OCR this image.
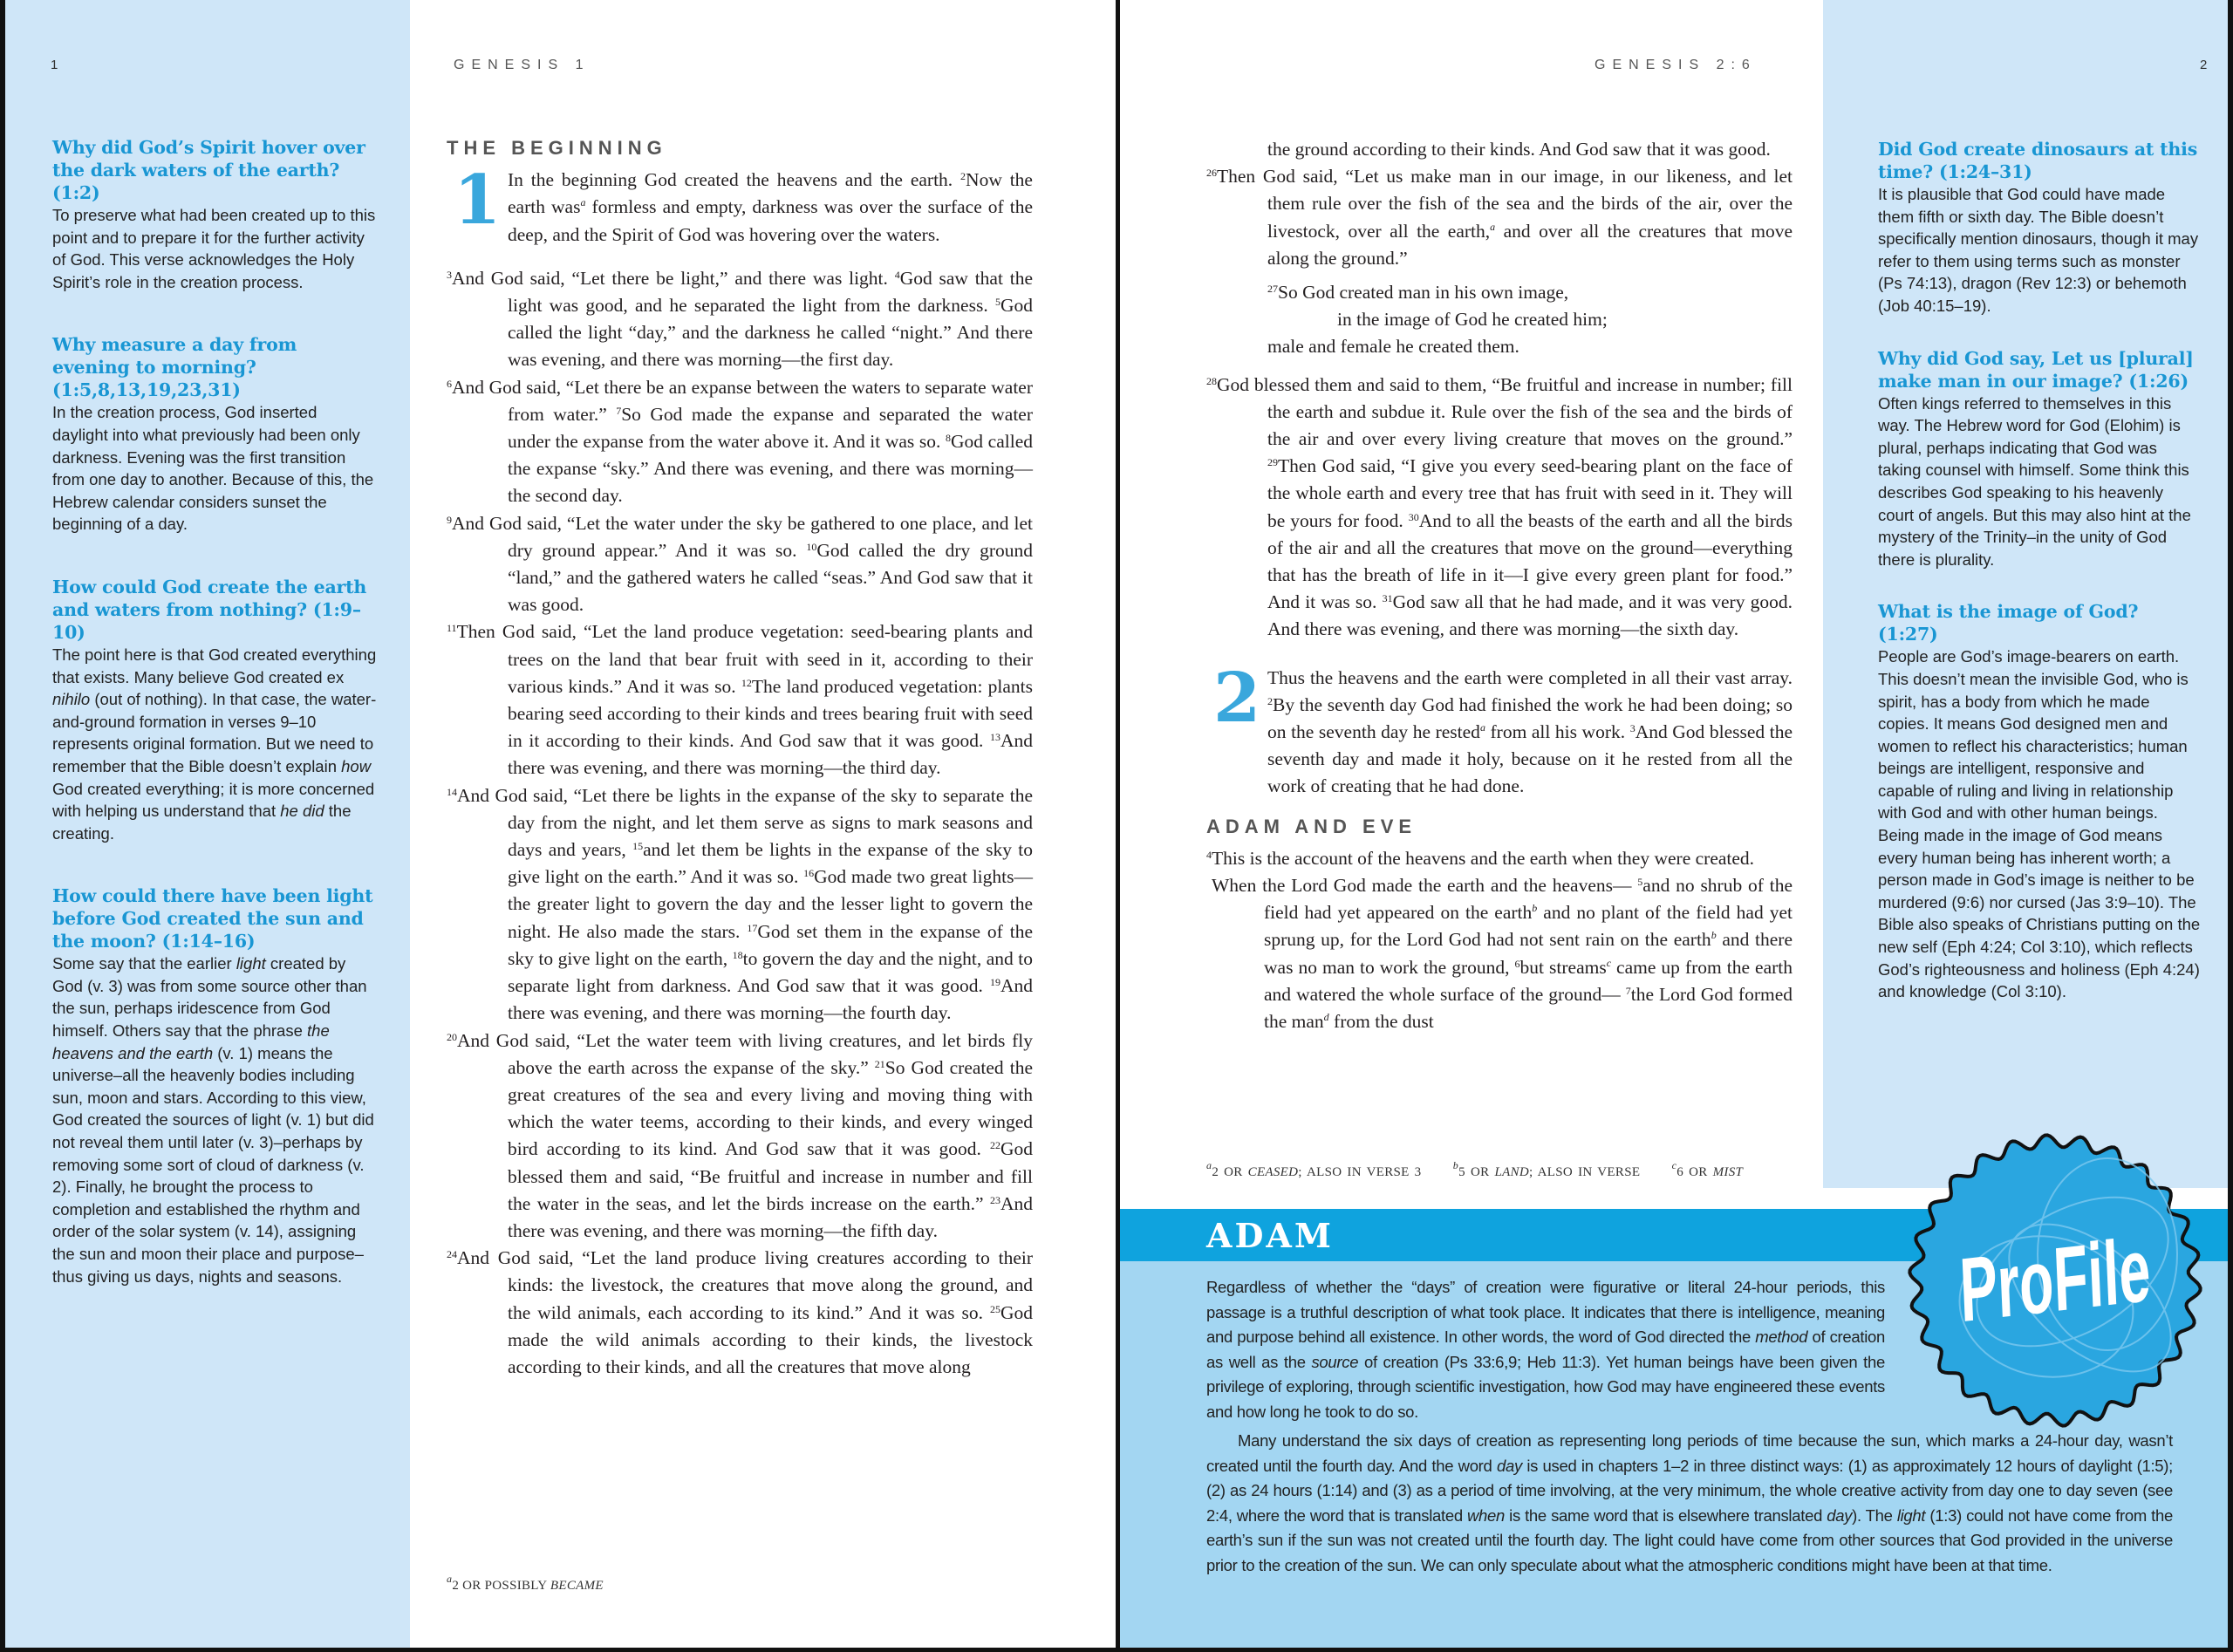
1	GENESIS 1
Why did God’s Spirit hover over the dark waters of the earth? (1:2)
To preserve what had been created up to this point and to prepare it for the further activity of God. This verse acknowledges the Holy Spirit’s role in the creation process.
Why measure a day from evening to morning? (1:5,8,13,19,23,31)
In the creation process, God inserted daylight into what previously had been only darkness. Evening was the first transition from one day to another. Because of this, the Hebrew calendar considers sunset the beginning of a day.
How could God create the earth and waters from nothing? (1:9–10)
The point here is that God created everything that exists. Many believe God created ex nihilo (out of nothing). In that case, the water-and-ground formation in verses 9–10 represents original formation. But we need to remember that the Bible doesn’t explain how God created everything; it is more concerned with helping us understand that he did the creating.
How could there have been light before God created the sun and the moon? (1:14–16)
Some say that the earlier light created by God (v. 3) was from some source other than the sun, perhaps iridescence from God himself. Others say that the phrase the heavens and the earth (v. 1) means the universe–all the heavenly bodies including sun, moon and stars. According to this view, God created the sources of light (v. 1) but did not reveal them until later (v. 3)–perhaps by removing some sort of cloud of darkness (v. 2). Finally, he brought the process to completion and established the rhythm and order of the solar system (v. 14), assigning the sun and moon their place and purpose–thus giving us days, nights and seasons.
THE BEGINNING

1 In the beginning God created the heavens and the earth. $^2$Now the earth was$^a$ formless and empty, darkness was over the surface of the deep, and the Spirit of God was hovering over the waters.

$^3$And God said, “Let there be light,” and there was light. $^4$God saw that the light was good, and he separated the light from the darkness. $^5$God called the light “day,” and the darkness he called “night.” And there was evening, and there was morning—the first day.

$^6$And God said, “Let there be an expanse between the waters to separate water from water.” $^7$So God made the expanse and separated the water under the expanse from the water above it. And it was so. $^8$God called the expanse “sky.” And there was evening, and there was morning—the second day.

$^9$And God said, “Let the water under the sky be gathered to one place, and let dry ground appear.” And it was so. $^{10}$God called the dry ground “land,” and the gathered waters he called “seas.” And God saw that it was good.

$^{11}$Then God said, “Let the land produce vegetation: seed-bearing plants and trees on the land that bear fruit with seed in it, according to their various kinds.” And it was so. $^{12}$The land produced vegetation: plants bearing seed according to their kinds and trees bearing fruit with seed in it according to their kinds. And God saw that it was good. $^{13}$And there was evening, and there was morning—the third day.

$^{14}$And God said, “Let there be lights in the expanse of the sky to separate the day from the night, and let them serve as signs to mark seasons and days and years, $^{15}$and let them be lights in the expanse of the sky to give light on the earth.” And it was so. $^{16}$God made two great lights—the greater light to govern the day and the lesser light to govern the night. He also made the stars. $^{17}$God set them in the expanse of the sky to give light on the earth, $^{18}$to govern the day and the night, and to separate light from darkness. And God saw that it was good. $^{19}$And there was evening, and there was morning—the fourth day.

$^{20}$And God said, “Let the water teem with living creatures, and let birds fly above the earth across the expanse of the sky.” $^{21}$So God created the great creatures of the sea and every living and moving thing with which the water teems, according to their kinds, and every winged bird according to its kind. And God saw that it was good. $^{22}$God blessed them and said, “Be fruitful and increase in number and fill the water in the seas, and let the birds increase on the earth.” $^{23}$And there was evening, and there was morning—the fifth day.

$^{24}$And God said, “Let the land produce living creatures according to their kinds: the livestock, the creatures that move along the ground, and the wild animals, each according to its kind.” And it was so. $^{25}$God made the wild animals according to their kinds, the livestock according to their kinds, and all the creatures that move along

$^a$2 OR POSSIBLY BECAME
2
GENESIS 2:6

the ground according to their kinds. And God saw that it was good.

$^{26}$Then God said, “Let us make man in our image, in our likeness, and let them rule over the fish of the sea and the birds of the air, over the livestock, over all the earth,$^a$ and over all the creatures that move along the ground.”

$^{27}$So God created man in his own image,
in the image of God he created him;
male and female he created them.

$^{28}$God blessed them and said to them, “Be fruitful and increase in number; fill the earth and subdue it. Rule over the fish of the sea and the birds of the air and over every living creature that moves on the ground.” $^{29}$Then God said, “I give you every seed-bearing plant on the face of the whole earth and every tree that has fruit with seed in it. They will be yours for food. $^{30}$And to all the beasts of the earth and all the birds of the air and all the creatures that move on the ground—everything that has the breath of life in it—I give every green plant for food.” And it was so. $^{31}$God saw all that he had made, and it was very good. And there was evening, and there was morning—the sixth day.

2 Thus the heavens and the earth were completed in all their vast array. $^2$By the seventh day God had finished the work he had been doing; so on the seventh day he rested$^a$ from all his work. $^3$And God blessed the seventh day and made it holy, because on it he rested from all the work of creating that he had done.

ADAM AND EVE

$^4$This is the account of the heavens and the earth when they were created.

When the Lord God made the earth and the heavens— $^5$and no shrub of the field had yet appeared on the earth$^b$ and no plant of the field had yet sprung up, for the Lord God had not sent rain on the earth$^b$ and there was no man to work the ground, $^6$but streams$^c$ came up from the earth and watered the whole surface of the ground— $^7$the Lord God formed the man$^d$ from the dust

$^a$2 OR CEASED; ALSO IN VERSE 3	$^b$5 OR LAND; ALSO IN VERSE	$^c$6 OR MIST
Did God create dinosaurs at this time? (1:24–31)
It is plausible that God could have made them fifth or sixth day. The Bible doesn’t specifically mention dinosaurs, though it may refer to them using terms such as monster (Ps 74:13), dragon (Rev 12:3) or behemoth (Job 40:15–19).
Why did God say, Let us [plural] make man in our image? (1:26)
Often kings referred to themselves in this way. The Hebrew word for God (Elohim) is plural, perhaps indicating that God was taking counsel with himself. Some think this describes God speaking to his heavenly court of angels. But this may also hint at the mystery of the Trinity–in the unity of God there is plurality.
What is the image of God? (1:27)
People are God’s image-bearers on earth. This doesn’t mean the invisible God, who is spirit, has a body from which he made copies. It means God designed men and women to reflect his characteristics; human beings are intelligent, responsive and capable of ruling and living in relationship with God and with other human beings. Being made in the image of God means every human being has inherent worth; a person made in God’s image is neither to be murdered (9:6) nor cursed (Jas 3:9–10). The Bible also speaks of Christians putting on the new self (Eph 4:24; Col 3:10), which reflects God’s righteousness and holiness (Eph 4:24) and knowledge (Col 3:10).
ADAM

Regardless of whether the “days” of creation were figurative or literal 24-hour periods, this passage is a truthful description of what took place. It indicates that there is intelligence, meaning and purpose behind all existence. In other words, the word of God directed the method of creation as well as the source of creation (Ps 33:6,9; Heb 11:3). Yet human beings have been given the privilege of exploring, through scientific investigation, how God may have engineered these events and how long he took to do so.

Many understand the six days of creation as representing long periods of time because the sun, which marks a 24-hour day, wasn’t created until the fourth day. And the word day is used in chapters 1–2 in three distinct ways: (1) as approximately 12 hours of daylight (1:5); (2) as 24 hours (1:14) and (3) as a period of time involving, at the very minimum, the whole creative activity from day one to day seven (see 2:4, where the word that is translated when is the same word that is elsewhere translated day). The light (1:3) could not have come from the earth’s sun if the sun was not created until the fourth day. The light could have come from other sources that God provided in the universe prior to the creation of the sun. We can only speculate about what the atmospheric conditions might have been at that time.

ProFile
